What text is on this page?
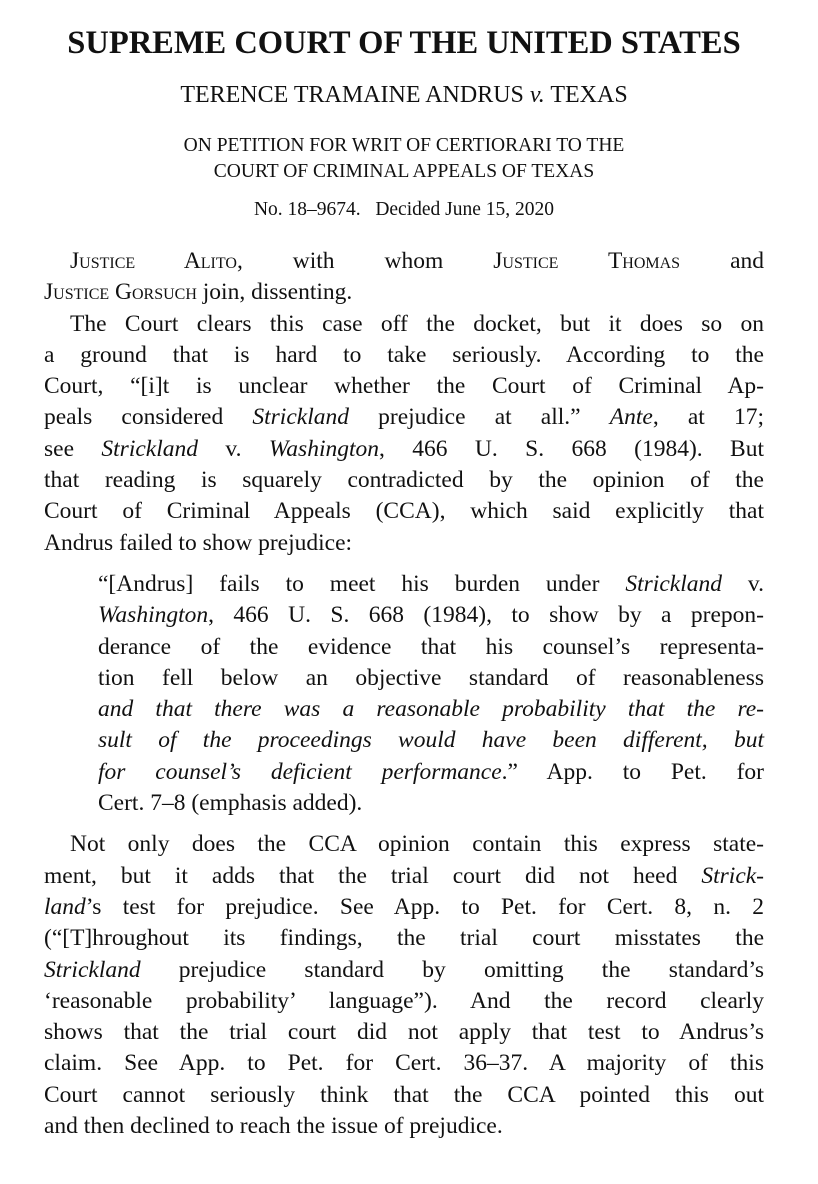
SUPREME COURT OF THE UNITED STATES
TERENCE TRAMAINE ANDRUS v. TEXAS
ON PETITION FOR WRIT OF CERTIORARI TO THE
COURT OF CRIMINAL APPEALS OF TEXAS
No. 18–9674. Decided June 15, 2020
Justice Alito, with whom Justice Thomas and
Justice Gorsuch join, dissenting.
The Court clears this case off the docket, but it does so on
a ground that is hard to take seriously. According to the
Court, “[i]t is unclear whether the Court of Criminal Ap-
peals considered Strickland prejudice at all.” Ante, at 17;
see Strickland v. Washington, 466 U. S. 668 (1984). But
that reading is squarely contradicted by the opinion of the
Court of Criminal Appeals (CCA), which said explicitly that
Andrus failed to show prejudice:
“[Andrus] fails to meet his burden under Strickland v.
Washington, 466 U. S. 668 (1984), to show by a prepon-
derance of the evidence that his counsel’s representa-
tion fell below an objective standard of reasonableness
and that there was a reasonable probability that the re-
sult of the proceedings would have been different, but
for counsel’s deficient performance.” App. to Pet. for
Cert. 7–8 (emphasis added).
Not only does the CCA opinion contain this express state-
ment, but it adds that the trial court did not heed Strick-
land’s test for prejudice. See App. to Pet. for Cert. 8, n. 2
(“[T]hroughout its findings, the trial court misstates the
Strickland prejudice standard by omitting the standard’s
‘reasonable probability’ language”). And the record clearly
shows that the trial court did not apply that test to Andrus’s
claim. See App. to Pet. for Cert. 36–37. A majority of this
Court cannot seriously think that the CCA pointed this out
and then declined to reach the issue of prejudice.
